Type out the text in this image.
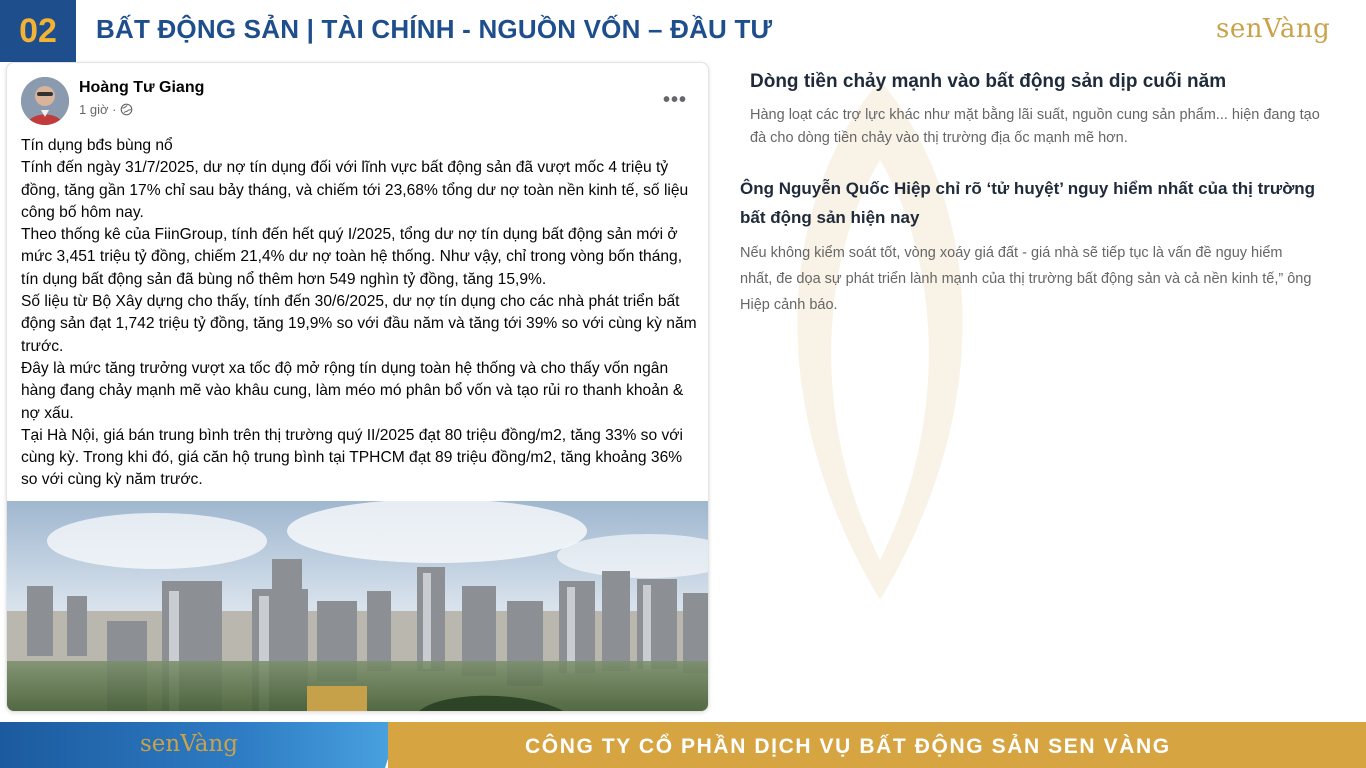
02	BẤT ĐỘNG SẢN | TÀI CHÍNH - NGUỒN VỐN – ĐẦU TƯ	senVàng
Hoàng Tư Giang
1 giờ ·	•••

Tín dụng bđs bùng nổ

Tính đến ngày 31/7/2025, dư nợ tín dụng đối với lĩnh vực bất động sản đã vượt mốc 4 triệu tỷ đồng, tăng gần 17% chỉ sau bảy tháng, và chiếm tới 23,68% tổng dư nợ toàn nền kinh tế, số liệu công bố hôm nay.

Theo thống kê của FiinGroup, tính đến hết quý I/2025, tổng dư nợ tín dụng bất động sản mới ở mức 3,451 triệu tỷ đồng, chiếm 21,4% dư nợ toàn hệ thống. Như vậy, chỉ trong vòng bốn tháng, tín dụng bất động sản đã bùng nổ thêm hơn 549 nghìn tỷ đồng, tăng 15,9%.

Số liệu từ Bộ Xây dựng cho thấy, tính đến 30/6/2025, dư nợ tín dụng cho các nhà phát triển bất động sản đạt 1,742 triệu tỷ đồng, tăng 19,9% so với đầu năm và tăng tới 39% so với cùng kỳ năm trước.

Đây là mức tăng trưởng vượt xa tốc độ mở rộng tín dụng toàn hệ thống và cho thấy vốn ngân hàng đang chảy mạnh mẽ vào khâu cung, làm méo mó phân bổ vốn và tạo rủi ro thanh khoản & nợ xấu.

Tại Hà Nội, giá bán trung bình trên thị trường quý II/2025 đạt 80 triệu đồng/m2, tăng 33% so với cùng kỳ. Trong khi đó, giá căn hộ trung bình tại TPHCM đạt 89 triệu đồng/m2, tăng khoảng 36% so với cùng kỳ năm trước.

Dòng tiền chảy mạnh vào bất động sản dịp cuối năm
Hàng loạt các trợ lực khác như mặt bằng lãi suất, nguồn cung sản phẩm... hiện đang tạo đà cho dòng tiền chảy vào thị trường địa ốc mạnh mẽ hơn.
Ông Nguyễn Quốc Hiệp chỉ rõ ‘tử huyệt’ nguy hiểm nhất của thị trường bất động sản hiện nay
Nếu không kiểm soát tốt, vòng xoáy giá đất - giá nhà sẽ tiếp tục là vấn đề nguy hiểm nhất, đe dọa sự phát triển lành mạnh của thị trường bất động sản và cả nền kinh tế,” ông Hiệp cảnh báo.
senVàng	CÔNG TY CỔ PHẦN DỊCH VỤ BẤT ĐỘNG SẢN SEN VÀNG
